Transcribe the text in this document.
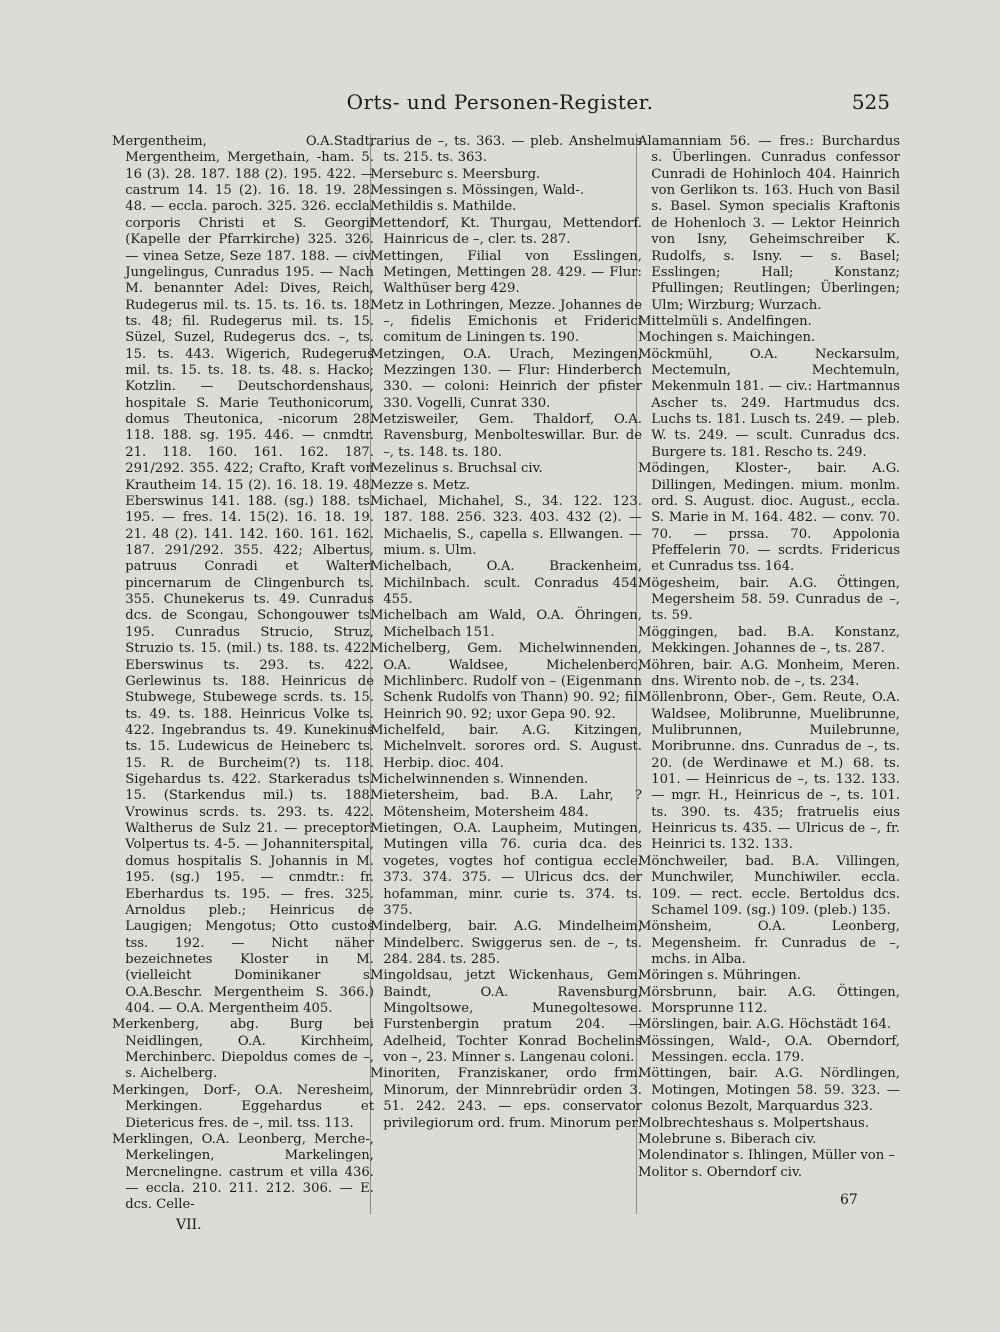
Orts- und Personen-Register.	525

Mergentheim, O.A.Stadt, Mergentheim, Mergethain, -ham. 5. 16 (3). 28. 187. 188 (2). 195. 422. — castrum 14. 15 (2). 16. 18. 19. 28. 48. — eccla. paroch. 325. 326. eccla. corporis Christi et S. Georgii (Kapelle der Pfarrkirche) 325. 326. — vinea Setze, Seze 187. 188. — civ. Jungelingus, Cunradus 195. — Nach M. benannter Adel: Dives, Reich, Rudegerus mil. ts. 15. ts. 16. ts. 18. ts. 48; fil. Rudegerus mil. ts. 15. Süzel, Suzel, Rudegerus dcs. –, ts. 15. ts. 443. Wigerich, Rudegerus mil. ts. 15. ts. 18. ts. 48. s. Hacko; Kotzlin. — Deutschordenshaus, hospitale S. Marie Teuthonicorum, domus Theutonica, -nicorum 28. 118. 188. sg. 195. 446. — cnmdtr. 21. 118. 160. 161. 162. 187. 291/292. 355. 422; Crafto, Kraft von Krautheim 14. 15 (2). 16. 18. 19. 48. Eberswinus 141. 188. (sg.) 188. ts. 195. — fres. 14. 15(2). 16. 18. 19. 21. 48 (2). 141. 142. 160. 161. 162. 187. 291/292. 355. 422; Albertus, patruus Conradi et Walteri pincernarum de Clingenburch ts. 355. Chunekerus ts. 49. Cunradus dcs. de Scongau, Schongouwer ts. 195. Cunradus Strucio, Struz, Struzio ts. 15. (mil.) ts. 188. ts. 422. Eberswinus ts. 293. ts. 422. Gerlewinus ts. 188. Heinricus de Stubwege, Stubewege scrds. ts. 15. ts. 49. ts. 188. Heinricus Volke ts. 422. Ingebrandus ts. 49. Kunekinus ts. 15. Ludewicus de Heineberc ts. 15. R. de Burcheim(?) ts. 118. Sigehardus ts. 422. Starkeradus ts. 15. (Starkendus mil.) ts. 188. Vrowinus scrds. ts. 293. ts. 422. Waltherus de Sulz 21. — preceptor: Volpertus ts. 4-5. — Johanniterspital, domus hospitalis S. Johannis in M. 195. (sg.) 195. — cnmdtr.: fr. Eberhardus ts. 195. — fres. 325. Arnoldus pleb.; Heinricus de Laugigen; Mengotus; Otto custos tss. 192. — Nicht näher bezeichnetes Kloster in M. (vielleicht Dominikaner s. O.A.Beschr. Mergentheim S. 366.) 404. — O.A. Mergentheim 405.

Merkenberg, abg. Burg bei Neidlingen, O.A. Kirchheim, Merchinberc. Diepoldus comes de –, s. Aichelberg.

Merkingen, Dorf-, O.A. Neresheim, Merkingen. Eggehardus et Dietericus fres. de –, mil. tss. 113.

Merklingen, O.A. Leonberg, Merche-, Merkelingen, Markelingen, Mercnelingne. castrum et villa 436. — eccla. 210. 211. 212. 306. — E. dcs. Celle-

rarius de –, ts. 363. — pleb. Anshelmus ts. 215. ts. 363.

Merseburc s. Meersburg.

Messingen s. Mössingen, Wald-.

Methildis s. Mathilde.

Mettendorf, Kt. Thurgau, Mettendorf. Hainricus de –, cler. ts. 287.

Mettingen, Filial von Esslingen, Metingen, Mettingen 28. 429. — Flur: Walthüser berg 429.

Metz in Lothringen, Mezze. Johannes de –, fidelis Emichonis et Friderici comitum de Liningen ts. 190.

Metzingen, O.A. Urach, Mezingen, Mezzingen 130. — Flur: Hinderberch 330. — coloni: Heinrich der pfister 330. Vogelli, Cunrat 330.

Metzisweiler, Gem. Thaldorf, O.A. Ravensburg, Menbolteswillar. Bur. de –, ts. 148. ts. 180.

Mezelinus s. Bruchsal civ.

Mezze s. Metz.

Michael, Michahel, S., 34. 122. 123. 187. 188. 256. 323. 403. 432 (2). — Michaelis, S., capella s. Ellwangen. — mium. s. Ulm.

Michelbach, O.A. Brackenheim, Michilnbach. scult. Conradus 454. 455.

Michelbach am Wald, O.A. Öhringen, Michelbach 151.

Michelberg, Gem. Michelwinnenden, O.A. Waldsee, Michelenberc, Michlinberc. Rudolf von – (Eigenmann Schenk Rudolfs von Thann) 90. 92; fil. Heinrich 90. 92; uxor Gepa 90. 92.

Michelfeld, bair. A.G. Kitzingen, Michelnvelt. sorores ord. S. August. Herbip. dioc. 404.

Michelwinnenden s. Winnenden.

Mietersheim, bad. B.A. Lahr, ? Mötensheim, Motersheim 484.

Mietingen, O.A. Laupheim, Mutingen, Mutingen villa 76. curia dca. des vogetes, vogtes hof contigua eccle. 373. 374. 375. — Ulricus dcs. der hofamman, minr. curie ts. 374. ts. 375.

Mindelberg, bair. A.G. Mindelheim, Mindelberc. Swiggerus sen. de –, ts. 284. 284. ts. 285.

Mingoldsau, jetzt Wickenhaus, Gem. Baindt, O.A. Ravensburg, Mingoltsowe, Munegoltesowe. Furstenbergin pratum 204. — Adelheid, Tochter Konrad Bochelins von –, 23. Minner s. Langenau coloni.

Minoriten, Franziskaner, ordo frm. Minorum, der Minnrebrüdir orden 3. 51. 242. 243. — eps. conservator privilegiorum ord. frum. Minorum per

Alamanniam 56. — fres.: Burchardus s. Überlingen. Cunradus confessor Cunradi de Hohinloch 404. Hainrich von Gerlikon ts. 163. Huch von Basil s. Basel. Symon specialis Kraftonis de Hohenloch 3. — Lektor Heinrich von Isny, Geheimschreiber K. Rudolfs, s. Isny. — s. Basel; Esslingen; Hall; Konstanz; Pfullingen; Reutlingen; Überlingen; Ulm; Wirzburg; Wurzach.

Mittelmüli s. Andelfingen.

Mochingen s. Maichingen.

Möckmühl, O.A. Neckarsulm, Mectemuln, Mechtemuln, Mekenmuln 181. — civ.: Hartmannus Ascher ts. 249. Hartmudus dcs. Luchs ts. 181. Lusch ts. 249. — pleb. W. ts. 249. — scult. Cunradus dcs. Burgere ts. 181. Rescho ts. 249.

Mödingen, Kloster-, bair. A.G. Dillingen, Medingen. mium. monlm. ord. S. August. dioc. August., eccla. S. Marie in M. 164. 482. — conv. 70. 70. — prssa. 70. Appolonia Pfeffelerin 70. — scrdts. Fridericus et Cunradus tss. 164.

Mögesheim, bair. A.G. Öttingen, Megersheim 58. 59. Cunradus de –, ts. 59.

Möggingen, bad. B.A. Konstanz, Mekkingen. Johannes de –, ts. 287.

Möhren, bair. A.G. Monheim, Meren. dns. Wirento nob. de –, ts. 234.

Möllenbronn, Ober-, Gem. Reute, O.A. Waldsee, Molibrunne, Muelibrunne, Mulibrunnen, Muilebrunne, Moribrunne. dns. Cunradus de –, ts. 20. (de Werdinawe et M.) 68. ts. 101. — Heinricus de –, ts. 132. 133. — mgr. H., Heinricus de –, ts. 101. ts. 390. ts. 435; fratruelis eius Heinricus ts. 435. — Ulricus de –, fr. Heinrici ts. 132. 133.

Mönchweiler, bad. B.A. Villingen, Munchwiler, Munchiwiler. eccla. 109. — rect. eccle. Bertoldus dcs. Schamel 109. (sg.) 109. (pleb.) 135.

Mönsheim, O.A. Leonberg, Megensheim. fr. Cunradus de –, mchs. in Alba.

Möringen s. Mühringen.

Mörsbrunn, bair. A.G. Öttingen, Morsprunne 112.

Mörslingen, bair. A.G. Höchstädt 164.

Mössingen, Wald-, O.A. Oberndorf, Messingen. eccla. 179.

Möttingen, bair. A.G. Nördlingen, Motingen, Motingen 58. 59. 323. — colonus Bezolt, Marquardus 323.

Molbrechteshaus s. Molpertshaus.

Molebrune s. Biberach civ.

Molendinator s. Ihlingen, Müller von –

Molitor s. Oberndorf civ.

VII.
67
